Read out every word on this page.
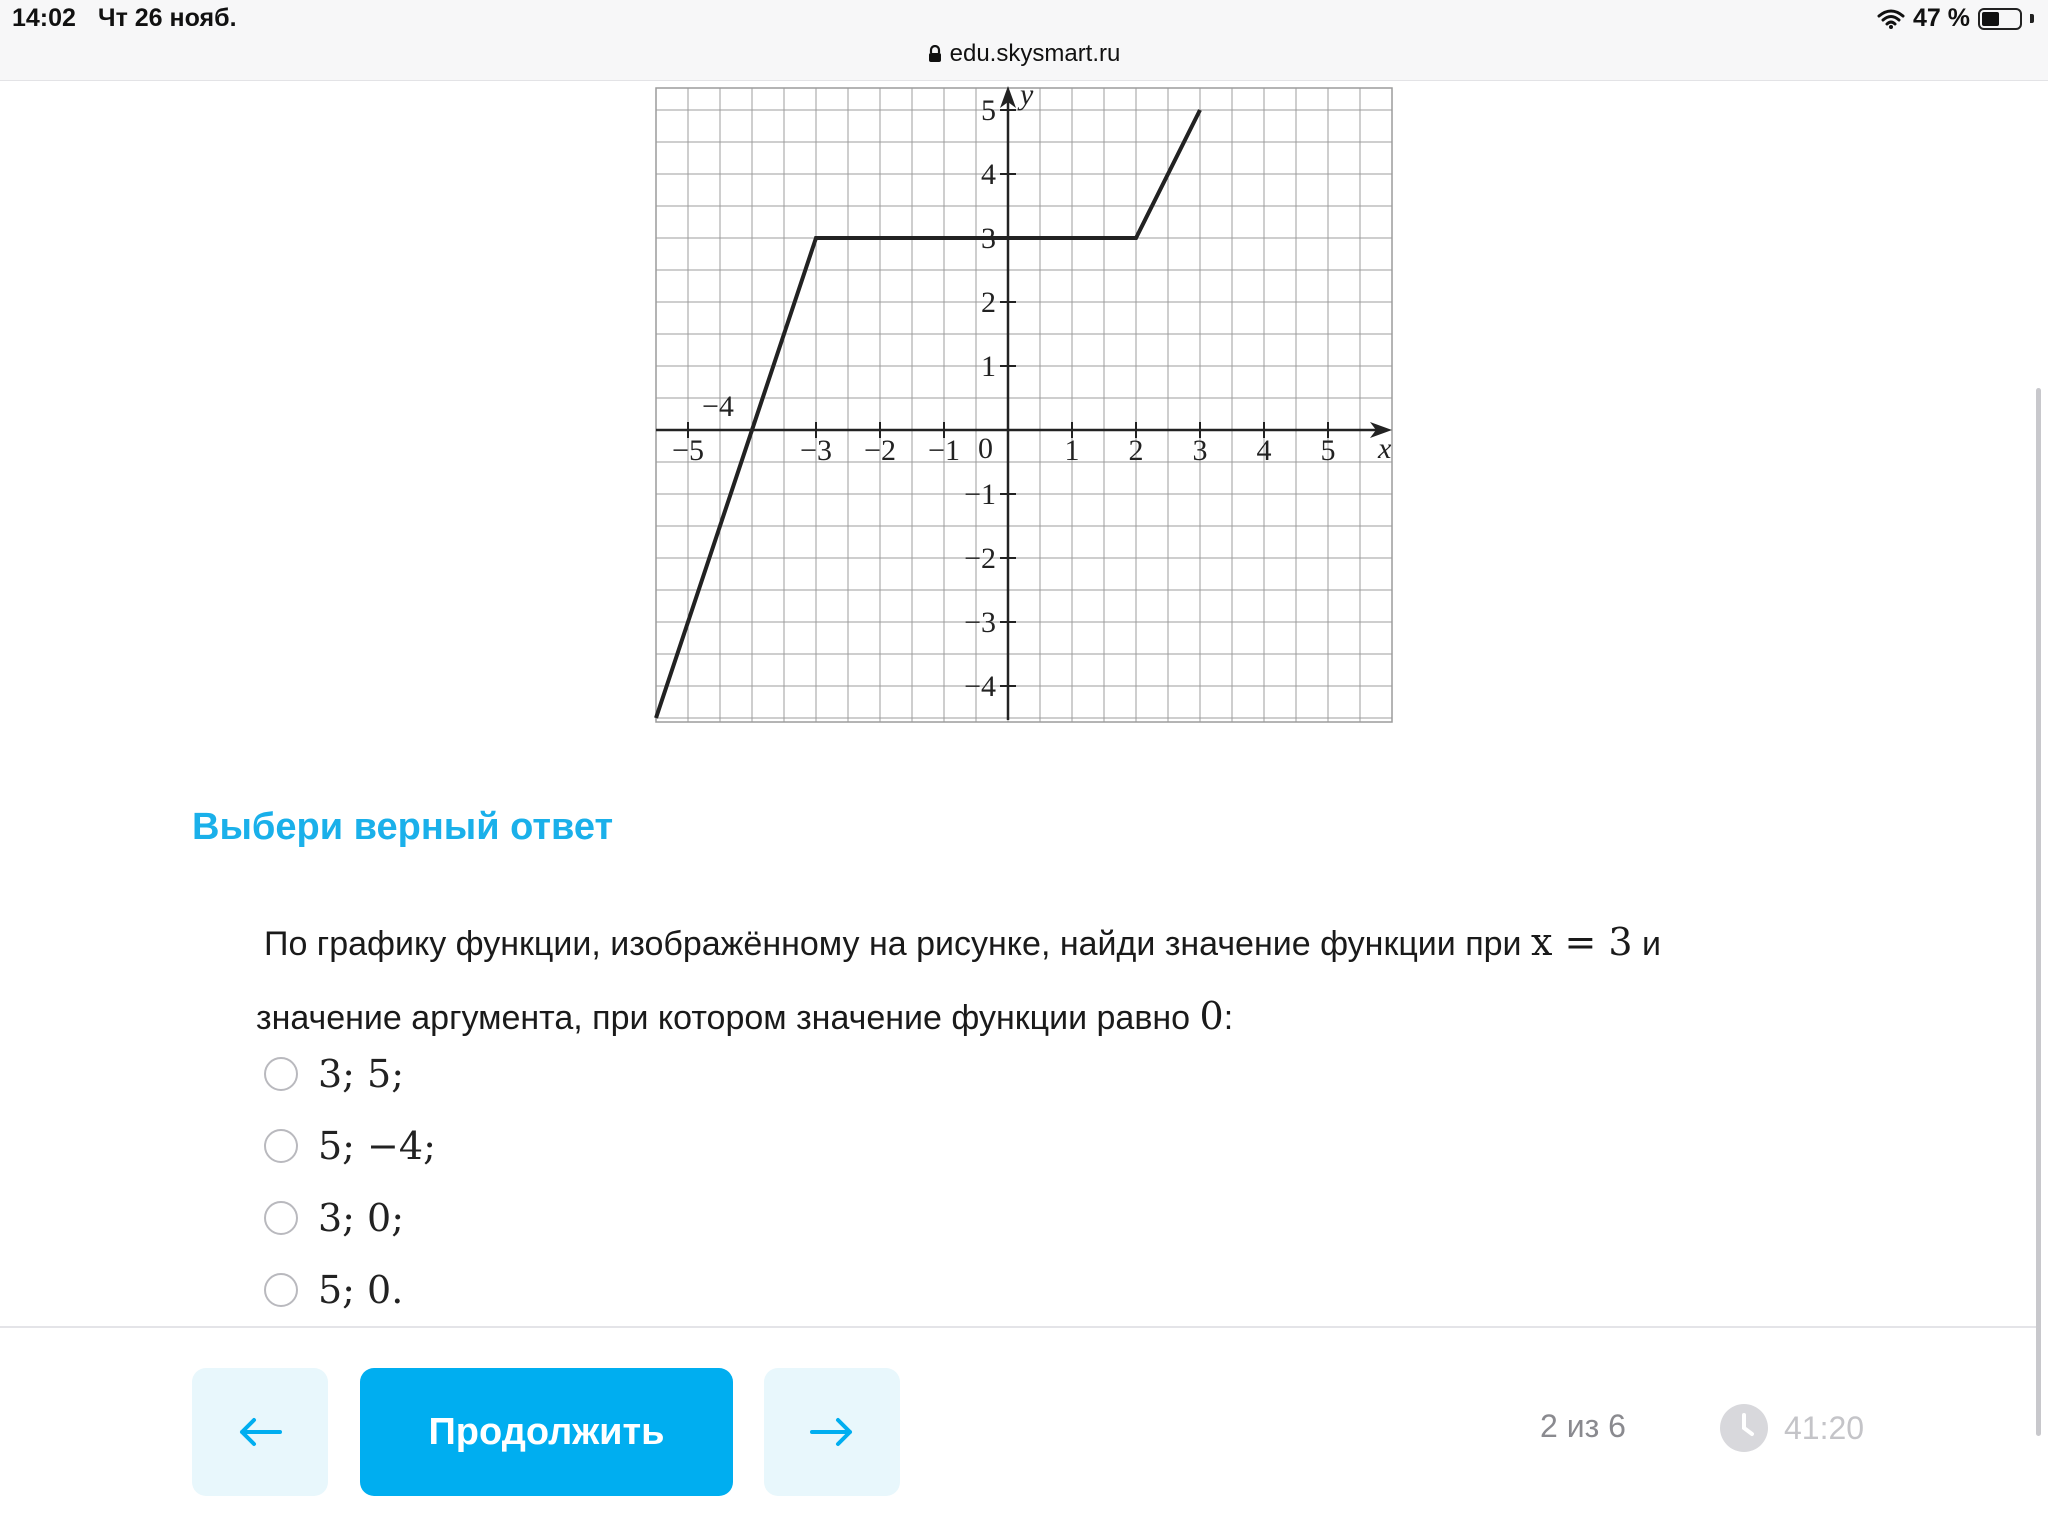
14:02 Чт 26 нояб.	47 %
edu.skysmart.ru
−5	−3 −2 −1	1 2 3 4 5
5
4
3
2
1
−1
−2
−3
−4
x
y
0
−4
Выбери верный ответ
По графику функции, изображённому на рисунке, найди значение функции при x = 3 и
значение аргумента, при котором значение функции равно 0:
3; 5;
5; −4;
3; 0;
5; 0.
Продолжить	2 из 6	41:20
